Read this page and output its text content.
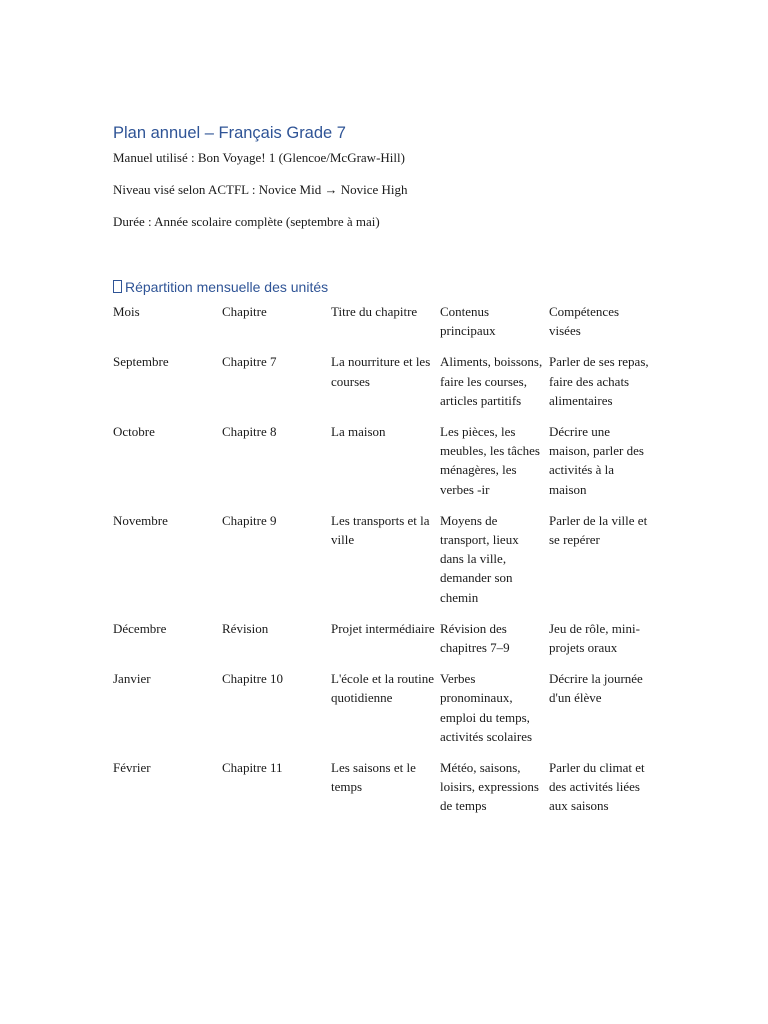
Plan annuel – Français Grade 7

Manuel utilisé : Bon Voyage! 1 (Glencoe/McGraw-Hill)

Niveau visé selon ACTFL : Novice Mid → Novice High

Durée : Année scolaire complète (septembre à mai)

Répartition mensuelle des unités
Mois	Chapitre	Titre du chapitre	Contenus principaux	Compétences visées
Septembre	Chapitre 7	La nourriture et les courses	Aliments, boissons, faire les courses, articles partitifs	Parler de ses repas, faire des achats alimentaires
Octobre	Chapitre 8	La maison	Les pièces, les meubles, les tâches ménagères, les verbes -ir	Décrire une maison, parler des activités à la maison
Novembre	Chapitre 9	Les transports et la ville	Moyens de transport, lieux dans la ville, demander son chemin	Parler de la ville et se repérer
Décembre	Révision	Projet intermédiaire	Révision des chapitres 7–9	Jeu de rôle, mini-projets oraux
Janvier	Chapitre 10	L'école et la routine quotidienne	Verbes pronominaux, emploi du temps, activités scolaires	Décrire la journée d'un élève
Février	Chapitre 11	Les saisons et le temps	Météo, saisons, loisirs, expressions de temps	Parler du climat et des activités liées aux saisons
